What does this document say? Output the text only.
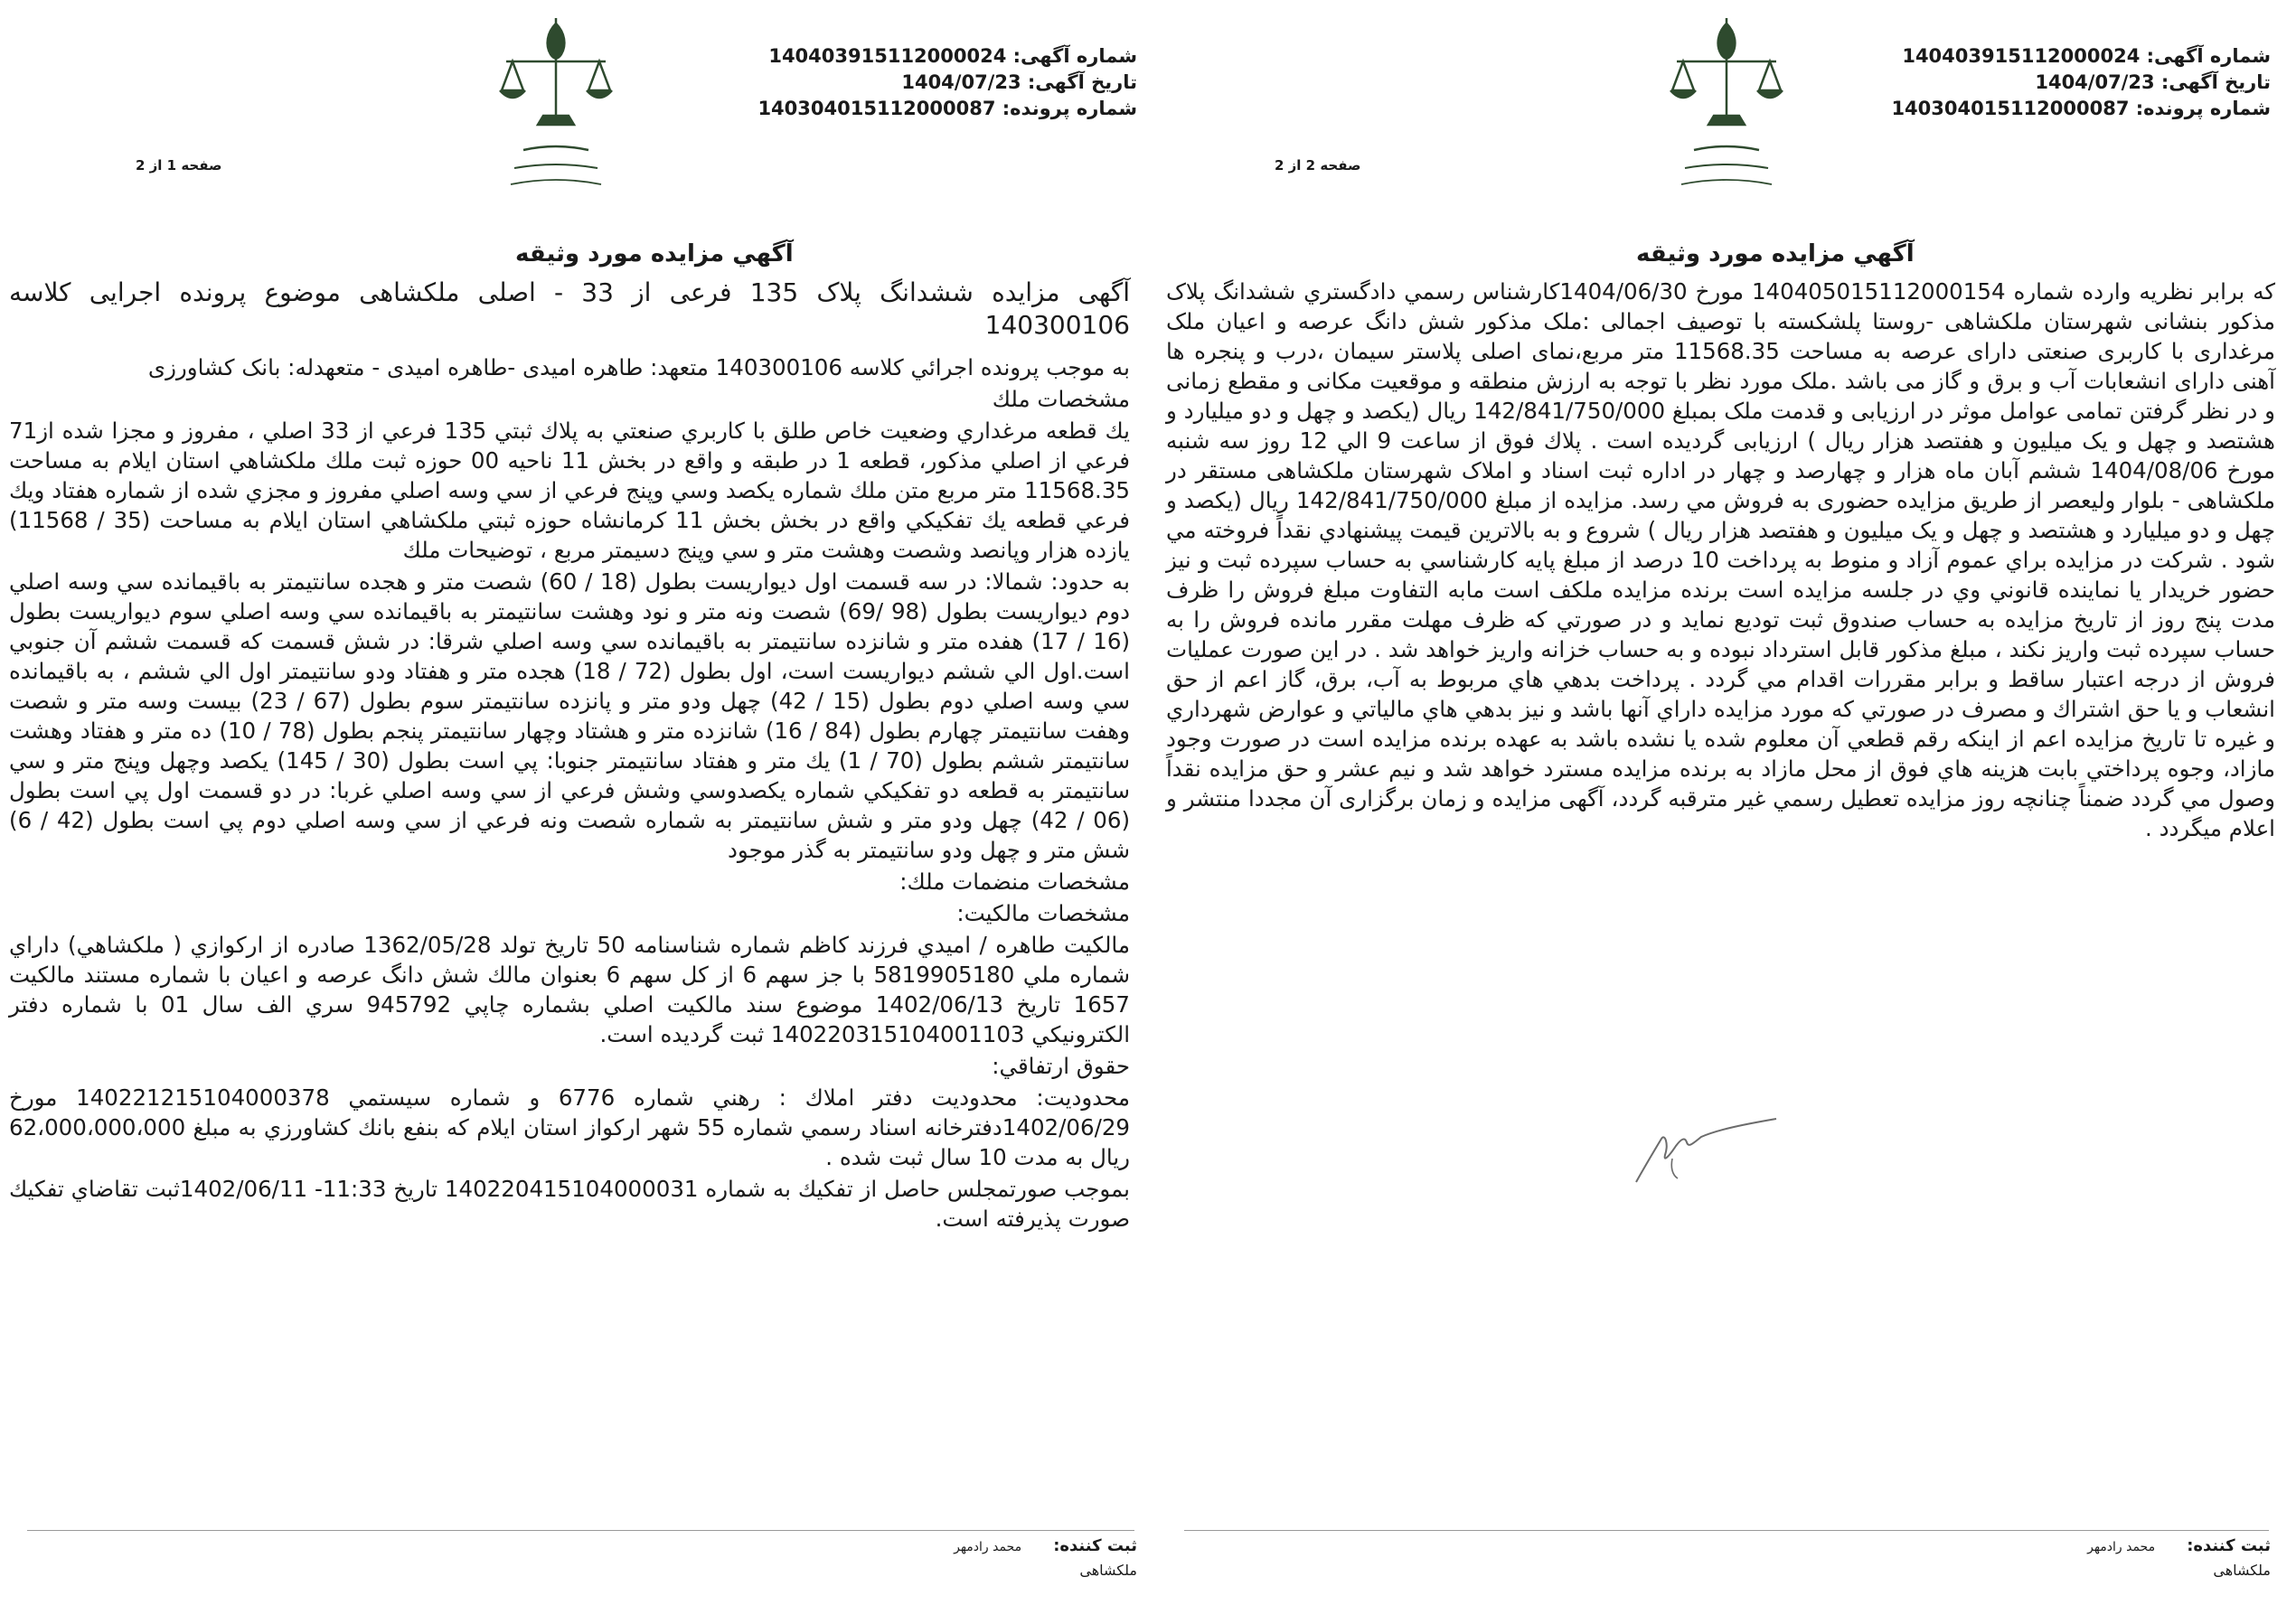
شماره آگهی: 140403915112000024
تاریخ آگهی: 1404/07/23
شماره پرونده: 140304015112000087
صفحه 1 از 2
آگهي مزايده مورد وثيقه

آگهی مزایده ششدانگ پلاک 135 فرعی از 33 - اصلی ملکشاهی موضوع پرونده اجرایی کلاسه 140300106

به موجب پرونده اجرائي كلاسه 140300106 متعهد: طاهره اميدی -طاهره امیدی - متعهدله: بانک کشاورزی

مشخصات ملك

يك قطعه مرغداري وضعيت خاص طلق با كاربري صنعتي به پلاك ثبتي 135 فرعي از 33 اصلي ، مفروز و مجزا شده از71 فرعي از اصلي مذكور، قطعه 1 در طبقه و واقع در بخش 11 ناحيه 00 حوزه ثبت ملك ملكشاهي استان ايلام به مساحت 11568.35 متر مربع متن ملك شماره يكصد وسي وپنج فرعي از سي وسه اصلي مفروز و مجزي شده از شماره هفتاد ويك فرعي قطعه يك تفكيكي واقع در بخش بخش 11 كرمانشاه حوزه ثبتي ملكشاهي استان ايلام به مساحت (35 / 11568) يازده هزار وپانصد وشصت وهشت متر و سي وپنج دسيمتر مربع ، توضيحات ملك

به حدود: شمالا: در سه قسمت اول ديواريست بطول (18 / 60) شصت متر و هجده سانتيمتر به باقيمانده سي وسه اصلي دوم ديواريست بطول (98 /69) شصت ونه متر و نود وهشت سانتيمتر به باقيمانده سي وسه اصلي سوم ديواريست بطول (16 / 17) هفده متر و شانزده سانتيمتر به باقيمانده سي وسه اصلي شرقا: در شش قسمت كه قسمت ششم آن جنوبي است.اول الي ششم ديواريست است، اول بطول (72 / 18) هجده متر و هفتاد ودو سانتيمتر اول الي ششم ، به باقيمانده سي وسه اصلي دوم بطول (15 / 42) چهل ودو متر و پانزده سانتيمتر سوم بطول (67 / 23) بيست وسه متر و شصت وهفت سانتيمتر چهارم بطول (84 / 16) شانزده متر و هشتاد وچهار سانتيمتر پنجم بطول (78 / 10) ده متر و هفتاد وهشت سانتيمتر ششم بطول (70 / 1) يك متر و هفتاد سانتيمتر جنوبا: پي است بطول (30 / 145) يكصد وچهل وپنج متر و سي سانتيمتر به قطعه دو تفكيكي شماره يكصدوسي وشش فرعي از سي وسه اصلي غربا: در دو قسمت اول پي است بطول (06 / 42) چهل ودو متر و شش سانتيمتر به شماره شصت ونه فرعي از سي وسه اصلي دوم پي است بطول (42 / 6) شش متر و چهل ودو سانتيمتر به گذر موجود

مشخصات منضمات ملك:

مشخصات مالكيت:

مالكيت طاهره / اميدي فرزند كاظم شماره شناسنامه 50 تاريخ تولد 1362/05/28 صادره از اركوازي ( ملكشاهي) داراي شماره ملي 5819905180 با جز سهم 6 از كل سهم 6 بعنوان مالك شش دانگ عرصه و اعيان با شماره مستند مالكيت 1657 تاريخ 1402/06/13 موضوع سند مالكيت اصلي بشماره چاپي 945792 سري الف سال 01 با شماره دفتر الكترونيكي 140220315104001103 ثبت گرديده است.

حقوق ارتفاقي:

محدوديت: محدوديت دفتر املاك : رهني شماره 6776 و شماره سيستمي 140221215104000378 مورخ 1402/06/29دفترخانه اسناد رسمي شماره 55 شهر اركواز استان ايلام كه بنفع بانك كشاورزي به مبلغ 62،000،000،000 ريال به مدت 10 سال ثبت شده .

بموجب صورتمجلس حاصل از تفكيك به شماره 140220415104000031 تاريخ 11:33- 1402/06/11ثبت تقاضاي تفكيك صورت پذيرفته است.

ثبت کننده: محمد رادمهر
ملکشاهی
شماره آگهی: 140403915112000024
تاریخ آگهی: 1404/07/23
شماره پرونده: 140304015112000087
صفحه 2 از 2
آگهي مزايده مورد وثيقه

كه برابر نظريه وارده شماره 140405015112000154 مورخ 1404/06/30كارشناس رسمي دادگستري ششدانگ پلاک مذکور بنشانی شهرستان ملکشاهی -روستا پلشکسته با توصیف اجمالی :ملک مذکور شش دانگ عرصه و اعیان ملک مرغداری با کاربری صنعتی دارای عرصه به مساحت 11568.35 متر مربع،نمای اصلی پلاستر سیمان ،درب و پنجره ها آهنی دارای انشعابات آب و برق و گاز می باشد .ملک مورد نظر با توجه به ارزش منطقه و موقعیت مکانی و مقطع زمانی و در نظر گرفتن تمامی عوامل موثر در ارزیابی و قدمت ملک بمبلغ 142/841/750/000 ریال (یکصد و چهل و دو میلیارد و هشتصد و چهل و یک میلیون و هفتصد هزار ریال ) ارزیابی گردیده است . پلاك فوق از ساعت 9 الي 12 روز سه شنبه مورخ 1404/08/06 ششم آبان ماه هزار و چهارصد و چهار در اداره ثبت اسناد و املاک شهرستان ملکشاهی مستقر در ملکشاهی - بلوار ولیعصر از طريق مزايده حضوری به فروش مي رسد. مزايده از مبلغ 142/841/750/000 ریال (یکصد و چهل و دو میلیارد و هشتصد و چهل و یک میلیون و هفتصد هزار ريال ) شروع و به بالاترين قيمت پيشنهادي نقداً فروخته مي شود . شركت در مزايده براي عموم آزاد و منوط به پرداخت 10 درصد از مبلغ پايه كارشناسي به حساب سپرده ثبت و نيز حضور خريدار يا نماينده قانوني وي در جلسه مزايده است برنده مزايده ملكف است مابه التفاوت مبلغ فروش را ظرف مدت پنج روز از تاريخ مزايده به حساب صندوق ثبت توديع نمايد و در صورتي كه ظرف مهلت مقرر مانده فروش را به حساب سپرده ثبت واريز نكند ، مبلغ مذكور قابل استرداد نبوده و به حساب خزانه واريز خواهد شد . در اين صورت عمليات فروش از درجه اعتبار ساقط و برابر مقررات اقدام مي گردد . پرداخت بدهي هاي مربوط به آب، برق، گاز اعم از حق انشعاب و يا حق اشتراك و مصرف در صورتي كه مورد مزايده داراي آنها باشد و نيز بدهي هاي مالياتي و عوارض شهرداري و غيره تا تاريخ مزايده اعم از اينكه رقم قطعي آن معلوم شده يا نشده باشد به عهده برنده مزايده است در صورت وجود مازاد، وجوه پرداختي بابت هزينه هاي فوق از محل مازاد به برنده مزايده مسترد خواهد شد و نيم عشر و حق مزايده نقداً وصول مي گردد ضمناً چنانچه روز مزايده تعطيل رسمي غير مترقبه گردد، آگهی مزایده و زمان برگزاری آن مجددا منتشر و اعلام میگردد .

ثبت کننده: محمد رادمهر
ملکشاهی
